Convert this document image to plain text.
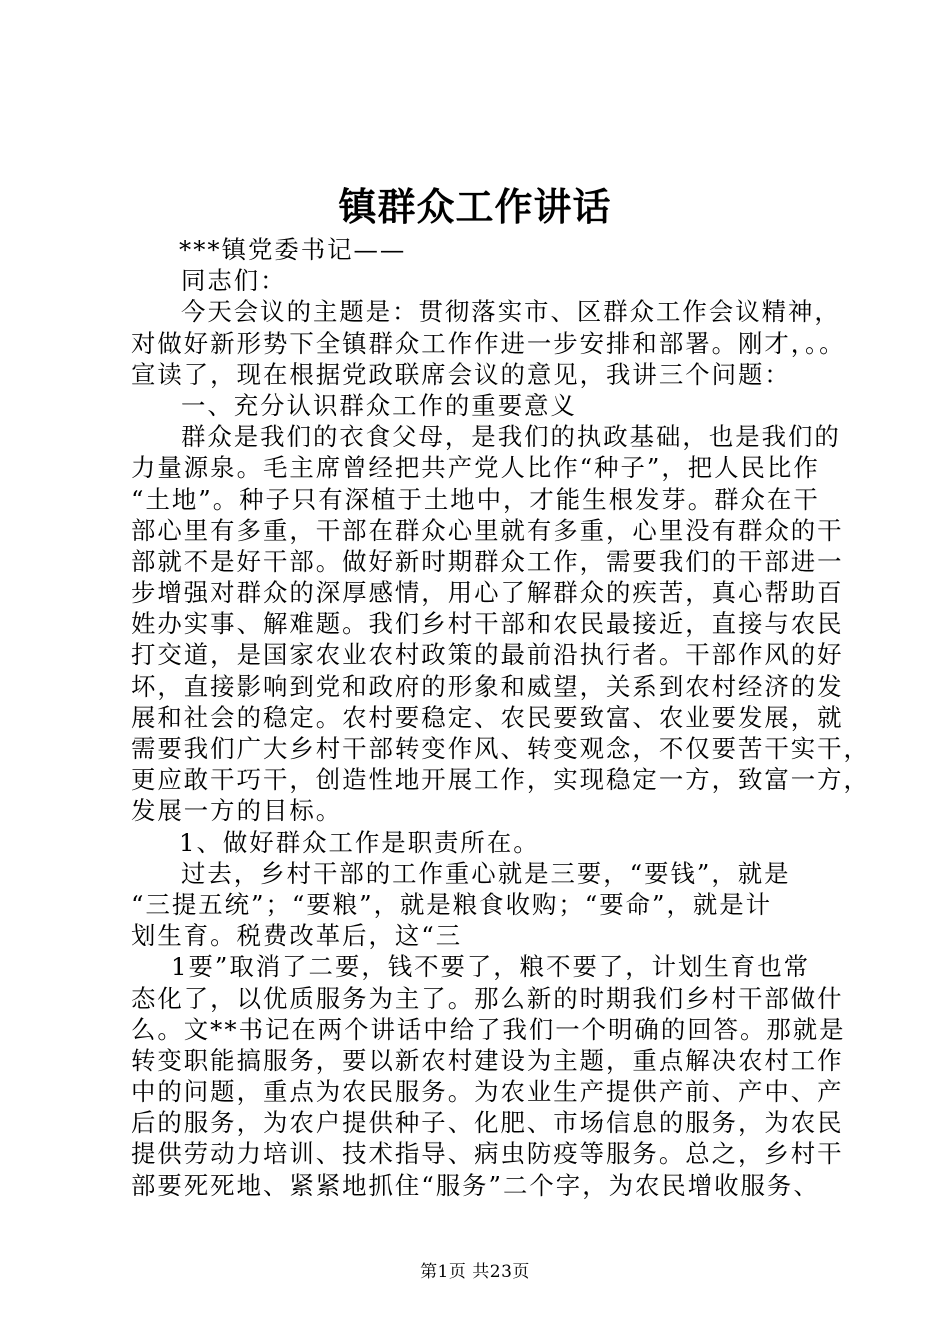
镇群众工作讲话
***镇党委书记——
同志们：
今天会议的主题是：贯彻落实市、区群众工作会议精神，
对做好新形势下全镇群众工作作进一步安排和部署。刚才，。。
宣读了，现在根据党政联席会议的意见，我讲三个问题：
一、充分认识群众工作的重要意义
群众是我们的衣食父母，是我们的执政基础，也是我们的
力量源泉。毛主席曾经把共产党人比作“种子”，把人民比作
“土地”。种子只有深植于土地中，才能生根发芽。群众在干
部心里有多重，干部在群众心里就有多重，心里没有群众的干
部就不是好干部。做好新时期群众工作，需要我们的干部进一
步增强对群众的深厚感情，用心了解群众的疾苦，真心帮助百
姓办实事、解难题。我们乡村干部和农民最接近，直接与农民
打交道，是国家农业农村政策的最前沿执行者。干部作风的好
坏，直接影响到党和政府的形象和威望，关系到农村经济的发
展和社会的稳定。农村要稳定、农民要致富、农业要发展，就
需要我们广大乡村干部转变作风、转变观念，不仅要苦干实干，
更应敢干巧干，创造性地开展工作，实现稳定一方，致富一方，
发展一方的目标。
1、做好群众工作是职责所在。
过去，乡村干部的工作重心就是三要，“要钱”，就是
“三提五统”；“要粮”，就是粮食收购；“要命”，就是计
划生育。税费改革后，这“三
1要”取消了二要，钱不要了，粮不要了，计划生育也常
态化了，以优质服务为主了。那么新的时期我们乡村干部做什
么。文**书记在两个讲话中给了我们一个明确的回答。那就是
转变职能搞服务，要以新农村建设为主题，重点解决农村工作
中的问题，重点为农民服务。为农业生产提供产前、产中、产
后的服务，为农户提供种子、化肥、市场信息的服务，为农民
提供劳动力培训、技术指导、病虫防疫等服务。总之，乡村干
部要死死地、紧紧地抓住“服务”二个字，为农民增收服务、
第1页 共23页
